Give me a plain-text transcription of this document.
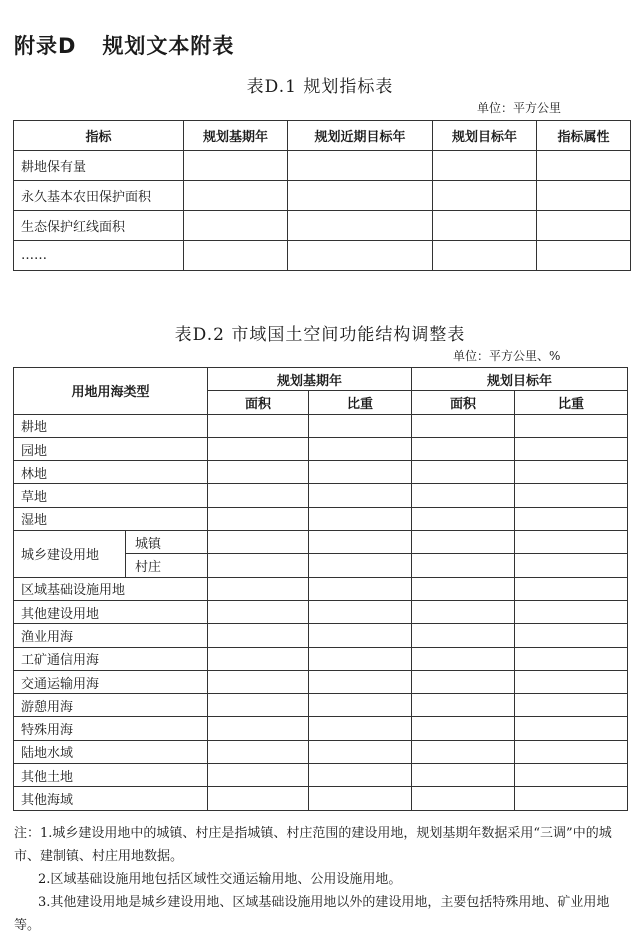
附录D 规划文本附表
表D.1 规划指标表
单位：平方公里
指标	规划基期年	规划近期目标年	规划目标年	指标属性
耕地保有量				
永久基本农田保护面积				
生态保护红线面积				
……				
表D.2 市域国土空间功能结构调整表
单位：平方公里、%
用地用海类型		规划基期年		规划目标年	
		面积	比重	面积	比重
耕地					
园地					
林地					
草地					
湿地					
城乡建设用地	城镇				
	村庄				
区域基础设施用地					
其他建设用地					
渔业用海					
工矿通信用海					
交通运输用海					
游憩用海					
特殊用海					
陆地水域					
其他土地					
其他海域					

注：1.城乡建设用地中的城镇、村庄是指城镇、村庄范围的建设用地，规划基期年数据采用“三调”中的城市、建制镇、村庄用地数据。

2.区域基础设施用地包括区域性交通运输用地、公用设施用地。

3.其他建设用地是城乡建设用地、区域基础设施用地以外的建设用地，主要包括特殊用地、矿业用地等。
